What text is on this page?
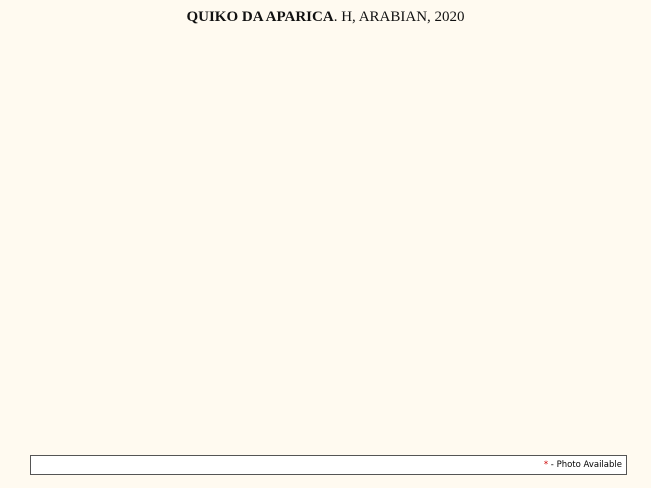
QUIKO DA APARICA. H, ARABIAN, 2020
* - Photo Available
